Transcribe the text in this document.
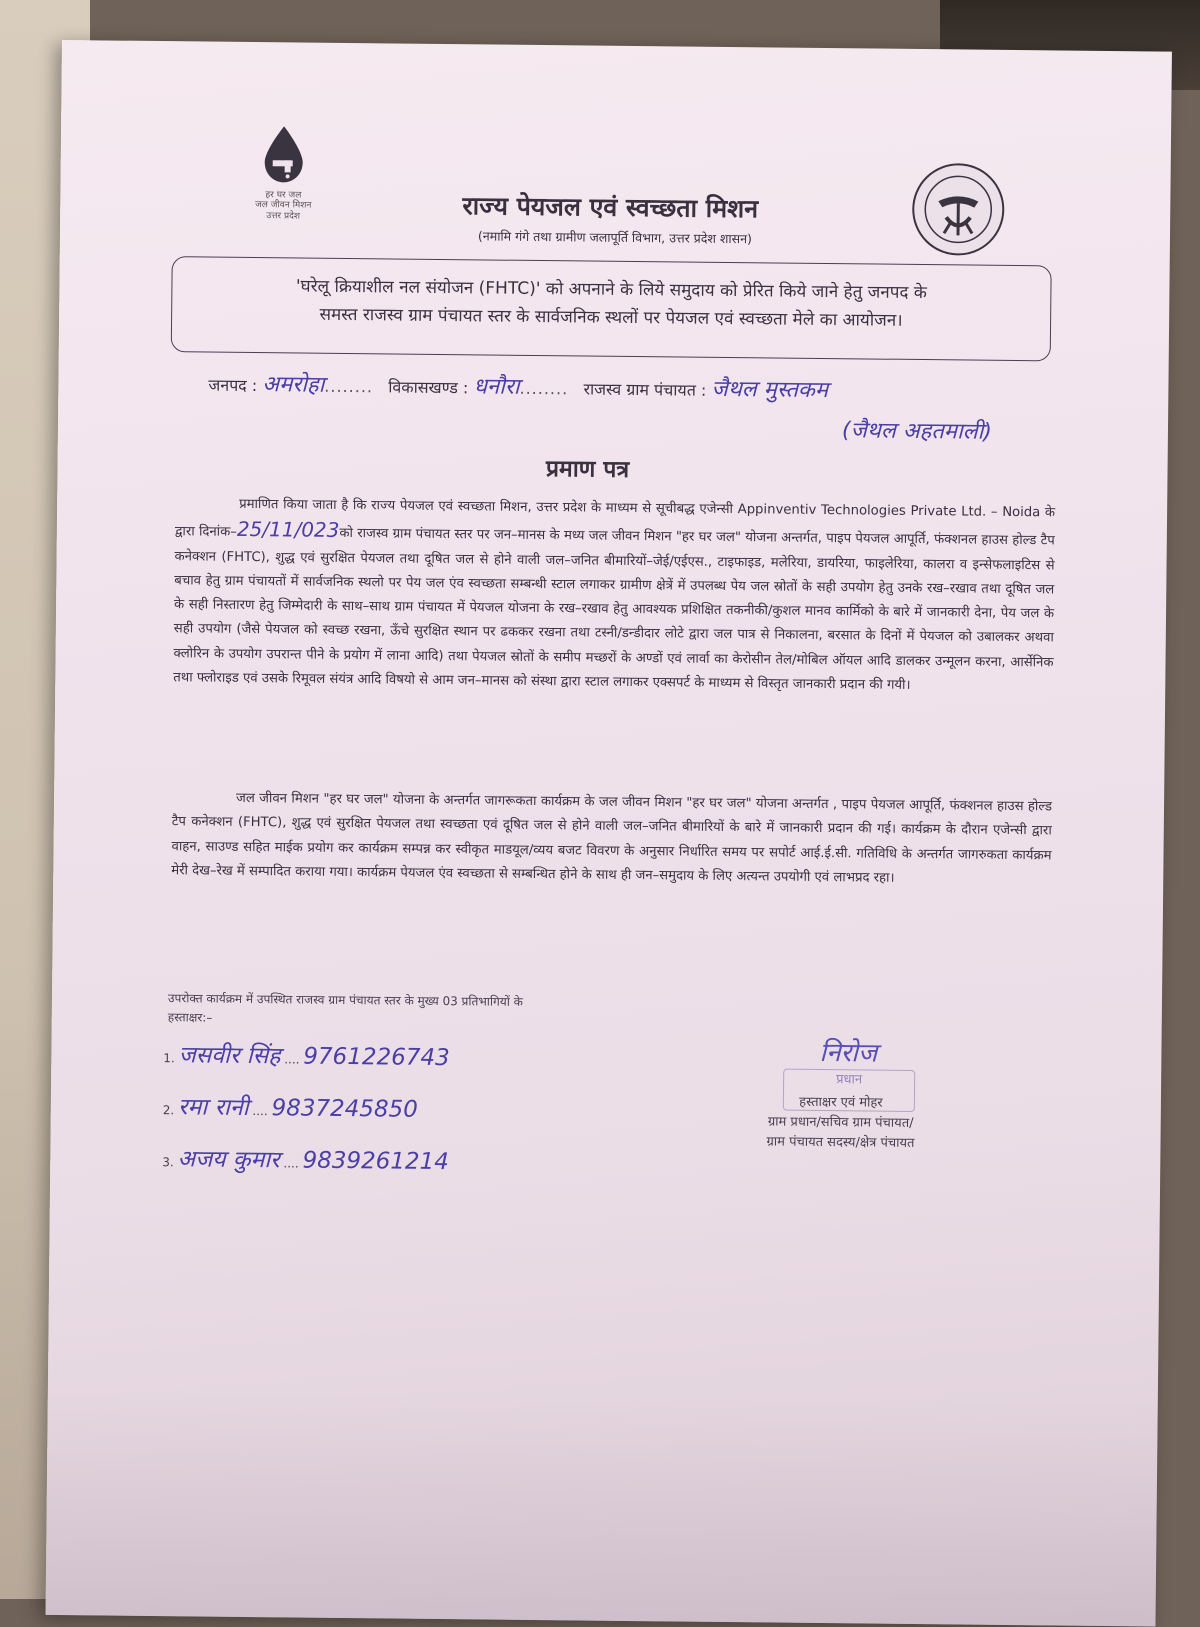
हर घर जल
जल जीवन मिशन
उत्तर प्रदेश	राज्य पेयजल एवं स्वच्छता मिशन
(नमामि गंगे तथा ग्रामीण जलापूर्ति विभाग, उत्तर प्रदेश शासन)
'घरेलू क्रियाशील नल संयोजन (FHTC)' को अपनाने के लिये समुदाय को प्रेरित किये जाने हेतु जनपद के
समस्त राजस्व ग्राम पंचायत स्तर के सार्वजनिक स्थलों पर पेयजल एवं स्वच्छता मेले का आयोजन।
जनपद : अमरोहा........ विकासखण्ड : धनौरा........ राजस्व ग्राम पंचायत : जैथल मुस्तकम
(जैथल अहतमाली)
प्रमाण पत्र

प्रमाणित किया जाता है कि राज्य पेयजल एवं स्वच्छता मिशन, उत्तर प्रदेश के माध्यम से सूचीबद्ध एजेन्सी Appinventiv Technologies Private Ltd. – Noida के द्वारा दिनांक–25/11/023को राजस्व ग्राम पंचायत स्तर पर जन–मानस के मध्य जल जीवन मिशन "हर घर जल" योजना अन्तर्गत, पाइप पेयजल आपूर्ति, फंक्शनल हाउस होल्ड टैप कनेक्शन (FHTC), शुद्ध एवं सुरक्षित पेयजल तथा दूषित जल से होने वाली जल–जनित बीमारियों–जेई/एईएस., टाइफाइड, मलेरिया, डायरिया, फाइलेरिया, कालरा व इन्सेफलाइटिस से बचाव हेतु ग्राम पंचायतों में सार्वजनिक स्थलो पर पेय जल एंव स्वच्छता सम्बन्धी स्टाल लगाकर ग्रामीण क्षेत्रें में उपलब्ध पेय जल स्रोतों के सही उपयोग हेतु उनके रख–रखाव तथा दूषित जल के सही निस्तारण हेतु जिम्मेदारी के साथ–साथ ग्राम पंचायत में पेयजल योजना के रख–रखाव हेतु आवश्यक प्रशिक्षित तकनीकी/कुशल मानव कार्मिको के बारे में जानकारी देना, पेय जल के सही उपयोग (जैसे पेयजल को स्वच्छ रखना, ऊँचे सुरक्षित स्थान पर ढककर रखना तथा टस्नी/डन्डीदार लोटे द्वारा जल पात्र से निकालना, बरसात के दिनों में पेयजल को उबालकर अथवा क्लोरिन के उपयोग उपरान्त पीने के प्रयोग में लाना आदि) तथा पेयजल स्रोतों के समीप मच्छरों के अण्डों एवं लार्वा का केरोसीन तेल/मोबिल ऑयल आदि डालकर उन्मूलन करना, आर्सेनिक तथा फ्लोराइड एवं उसके रिमूवल संयंत्र आदि विषयो से आम जन–मानस को संस्था द्वारा स्टाल लगाकर एक्सपर्ट के माध्यम से विस्तृत जानकारी प्रदान की गयी।

जल जीवन मिशन "हर घर जल" योजना के अन्तर्गत जागरूकता कार्यक्रम के जल जीवन मिशन "हर घर जल" योजना अन्तर्गत , पाइप पेयजल आपूर्ति, फंक्शनल हाउस होल्ड टैप कनेक्शन (FHTC), शुद्ध एवं सुरक्षित पेयजल तथा स्वच्छता एवं दूषित जल से होने वाली जल–जनित बीमारियों के बारे में जानकारी प्रदान की गई। कार्यक्रम के दौरान एजेन्सी द्वारा वाहन, साउण्ड सहित माईक प्रयोग कर कार्यक्रम सम्पन्न कर स्वीकृत माडयूल/व्यय बजट विवरण के अनुसार निर्धारित समय पर सपोर्ट आई.ई.सी. गतिविधि के अन्तर्गत जागरुकता कार्यक्रम मेरी देख–रेख में सम्पादित कराया गया। कार्यक्रम पेयजल एंव स्वच्छता से सम्बन्धित होने के साथ ही जन–समुदाय के लिए अत्यन्त उपयोगी एवं लाभप्रद रहा।

उपरोक्त कार्यक्रम में उपस्थित राजस्व ग्राम पंचायत स्तर के मुख्य 03 प्रतिभागियों के
हस्ताक्षर:–
1. जसवीर सिंह .... 9761226743
2. रमा रानी .... 9837245850
3. अजय कुमार .... 9839261214
निरोज
प्रधान
हस्ताक्षर एवं मोहर
ग्राम प्रधान/सचिव ग्राम पंचायत/
ग्राम पंचायत सदस्य/क्षेत्र पंचायत
